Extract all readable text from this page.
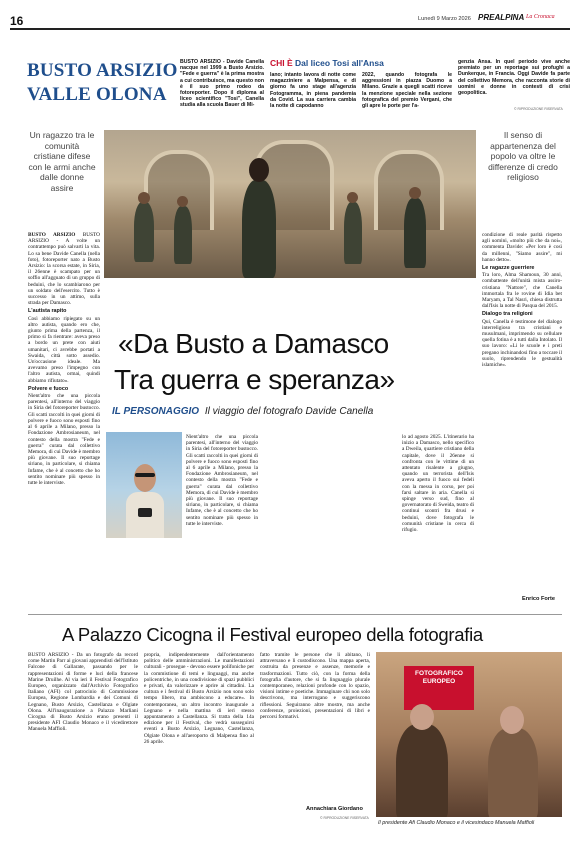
16	Lunedì 9 Marzo 2026 PREALPINA La Cronaca
BUSTO ARSIZIO
VALLE OLONA
BUSTO ARSIZIO - Davide Canella nacque nel 1999 a Busto Arsizio. "Fede e guerra" è la prima mostra a cui contribuisce, ma questo non è il suo primo rodeo da fotoreporter. Dopo il diploma al liceo scientifico "Tosi", Canella studia alla scuola Bauer di Mi-
CHI È Dal liceo Tosi all'Ansa
lano; intanto lavora di notte come magazziniere a Malpensa, e di giorno fa uno stage all'agenzia Fotogramma, in piena pandemia da Covid. La sua carriera cambia la notte di capodanno
2022, quando fotografa le aggressioni in piazza Duomo a Milano. Grazie a quegli scatti riceve la menzione speciale nella sezione fotografica del premio Vergani, che gli apre le porte per l'a-
genzia Ansa. In quel periodo vive anche premiato per un reportage sui profughi a Dunkerque, in Francia. Oggi Davide fa parte del collettivo Memora, che racconta storie di uomini e donne in contesti di crisi geopolitica.
© RIPRODUZIONE RISERVATA
Un ragazzo tra le comunità cristiane difese con le armi anche dalle donne assire
Il senso di appartenenza del popolo va oltre le differenze di credo religioso

BUSTO ARSIZIO BUSTO ARSIZIO - A volte un contrattempo può salvarti la vita. Lo sa bene Davide Canella (nella foto), fotoreporter nato a Busto Arsizio: la scorsa estate, in Siria, il 26enne è scampato per un soffio all'agguato di un gruppo di beduini, che lo scambiarono per un soldato dell'esercito. Tutto è successo in un attimo, sulla strada per Damasco.

L'autista rapito

Così abbiamo ripiegato su un altro autista, quando ero che, giunto prima della partenza, il primo si fa rientrare: aveva preso a bordo un prete con aiuti umanitari, ci avrebbe portati a Swaida, città sotto assedio. Un'occasione ideale. Ma avevamo preso l'impegno con l'altro autista, ormai, quindi abbiamo rifiutato».

Polvere e fuoco

Nient'altro che una piccola parentesi, all'interno del viaggio in Siria del fotoreporter bustocco. Gli scatti raccolti in quei giorni di polvere e fuoco sono esposti fino al 6 aprile a Milano, presso la Fondazione Ambrosianeum, nel contesto della mostra "Fede e guerra" curata dal collettivo Memora, di cui Davide è membro più giovane. Il suo reportage siriano, in particolare, si chiama Infame, che è al concetto che ho sentito nominare più spesso in tutte le interviste.

«Da Busto a Damasco
Tra guerra e speranza»
IL PERSONAGGIO Il viaggio del fotografo Davide Canella

Nient'altro che una piccola parentesi, all'interno del viaggio in Siria del fotoreporter bustocco. Gli scatti raccolti in quei giorni di polvere e fuoco sono esposti fino al 6 aprile a Milano, presso la Fondazione Ambrosianeum, nel contesto della mostra "Fede e guerra" curata dal collettivo Memora, di cui Davide è membro più giovane. Il suo reportage siriano, in particolare, si chiama Infame, che è al concetto che ho sentito nominare più spesso in tutte le interviste.

lo ad agosto 2025. L'itinerario ha inizio a Damasco, nello specifico a Dweila, quartiere cristiano della capitale, dove il 26enne si confronta con le vittime di un attentato risalente a giugno, quando un terrorista dell'Isis aveva aperto il fuoco sui fedeli con la messa in corso, per poi farsi saltare in aria. Canella si spinge verso sud, fino al governatorato di Sweida, teatro di continui scontri fra drusi e beduini, dove fotografa le comunità cristiane in cerca di rifugio.

condizione di reale parità rispetto agli uomini, «molto più che da noi», commenta Davide: «Per loro è così da millenni, "Siamo assire", mi hanno detto».

Le ragazze guerriere

Tra loro, Alma Shamoun, 30 anni, combattente dell'unità mista assiro-cristiana "Nattore", che Canella immortala fra le rovine di Idia bet Maryam, a Tal Nasri, chiesa distrutta dall'Isis la notte di Pasqua del 2015.

Dialogo tra religioni

Qui, Canella è testimone del dialogo interreligioso tra cristiani e musulmani, imprimendo su cellulare quella fotina è a tutti dalla Intolato. Il suo lavoro: «Li le scuole e i preti pregano inchinandosi fino a toccare il suolo, riprendendo le gestualità islamiche».

Enrico Forte
A Palazzo Cicogna il Festival europeo della fotografia

BUSTO ARSIZIO - Da un fotografo da record come Martin Parr ai giovani apprendisti dell'Istituto Falcone di Gallarate, passando per le rappresentazioni di forme e luci della francese Marine Druilhe. Al via ieri il Festival Fotografico Europeo, organizzato dall'Archivio Fotografico Italiano (AFI) col patrocinio di Commissione Europea, Regione Lombardia e dei Comuni di Legnano, Busto Arsizio, Castellanza e Olgiate Olona. All'inaugurazione a Palazzo Marliani Cicogna di Busto Arsizio erano presenti il presidente AFI Claudio Monaco e il vicedirettore Manuela Maffioli.

propria, indipendentemente dall'orientamento politico delle amministrazioni. Le manifestazioni culturali - prosegue - devono essere polifoniche per la commistione di temi e linguaggi, ma anche policentriche, in una condivisione di spazi pubblici e privati, da valorizzare e aprire ai cittadini. La cultura e i festival di Busto Arsizio non sono solo tempo libero, ma ambiscono a educare». In contemporanea, un altro incontro inaugurale a Legnano e nella mattina di ieri stesso appuntamento a Castellanza. Si tratta della 14a edizione per il Festival, che vedrà susseguirsi eventi a Busto Arsizio, Legnano, Castellanza, Olgiate Olona e all'aeroporto di Malpensa fino al 26 aprile.

fatto tramite le persone che li abitano, li attraversano e li custodiscono. Una mappa aperta, costruita da presenze e assenze, memorie e trasformazioni. Tutto ciò, con la forma della fotografia d'autore, che si fa linguaggio plurale contemporaneo, relazioni profonde con lo spazio, visioni intime e poetiche. Immaginare chi non solo descrivono, ma interrogano e suggeriscono riflessioni. Seguiranno altre mostre, ma anche conferenze, proiezioni, presentazioni di libri e percorsi formativi.

Annachiara Giordano
© RIPRODUZIONE RISERVATA
FOTOGRAFICO EUROPEO
Il presidente Afi Claudio Monaco e il vicesindaco Manuela Maffioli
